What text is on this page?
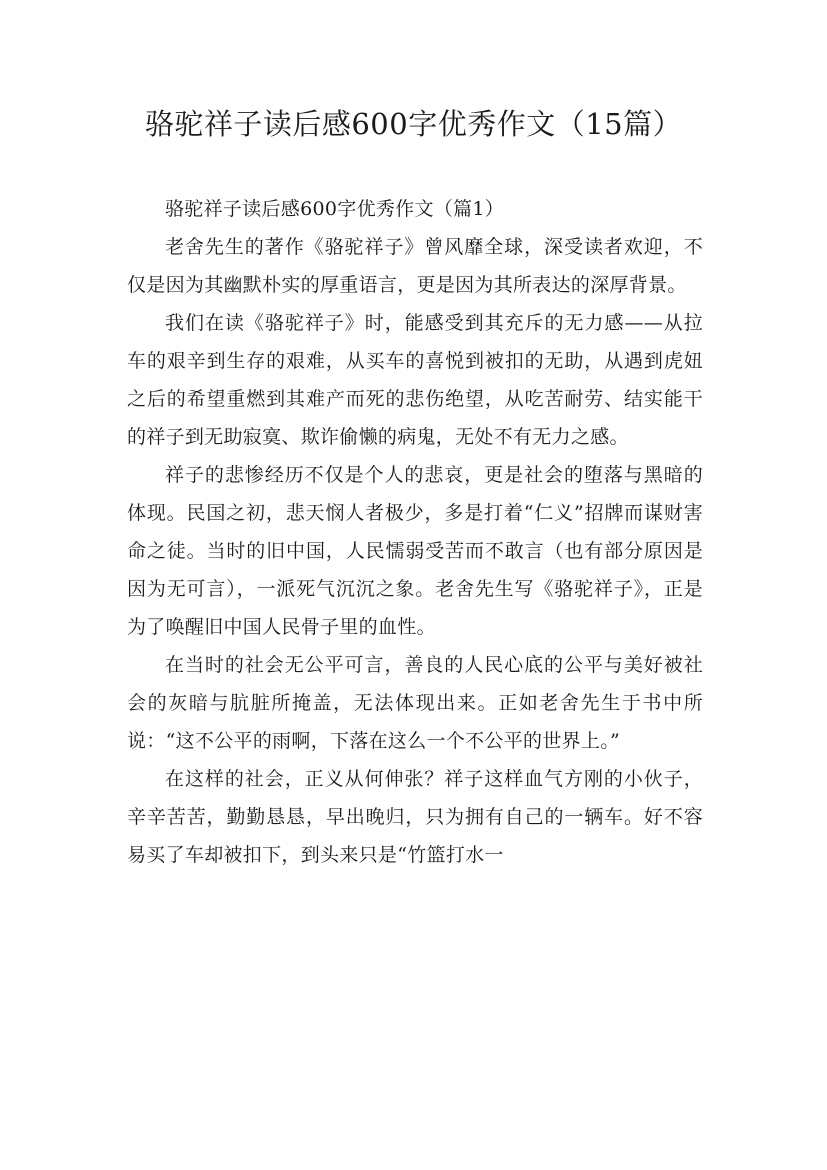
骆驼祥子读后感600字优秀作文（15篇）

骆驼祥子读后感600字优秀作文（篇1）

老舍先生的著作《骆驼祥子》曾风靡全球，深受读者欢迎，不仅是因为其幽默朴实的厚重语言，更是因为其所表达的深厚背景。

我们在读《骆驼祥子》时，能感受到其充斥的无力感——从拉车的艰辛到生存的艰难，从买车的喜悦到被扣的无助，从遇到虎妞之后的希望重燃到其难产而死的悲伤绝望，从吃苦耐劳、结实能干的祥子到无助寂寞、欺诈偷懒的病鬼，无处不有无力之感。

祥子的悲惨经历不仅是个人的悲哀，更是社会的堕落与黑暗的体现。民国之初，悲天悯人者极少，多是打着“仁义”招牌而谋财害命之徒。当时的旧中国，人民懦弱受苦而不敢言（也有部分原因是因为无可言），一派死气沉沉之象。老舍先生写《骆驼祥子》，正是为了唤醒旧中国人民骨子里的血性。

在当时的社会无公平可言，善良的人民心底的公平与美好被社会的灰暗与肮脏所掩盖，无法体现出来。正如老舍先生于书中所说：“这不公平的雨啊，下落在这么一个不公平的世界上。”

在这样的社会，正义从何伸张？祥子这样血气方刚的小伙子，辛辛苦苦，勤勤恳恳，早出晚归，只为拥有自己的一辆车。好不容易买了车却被扣下，到头来只是“竹篮打水一
